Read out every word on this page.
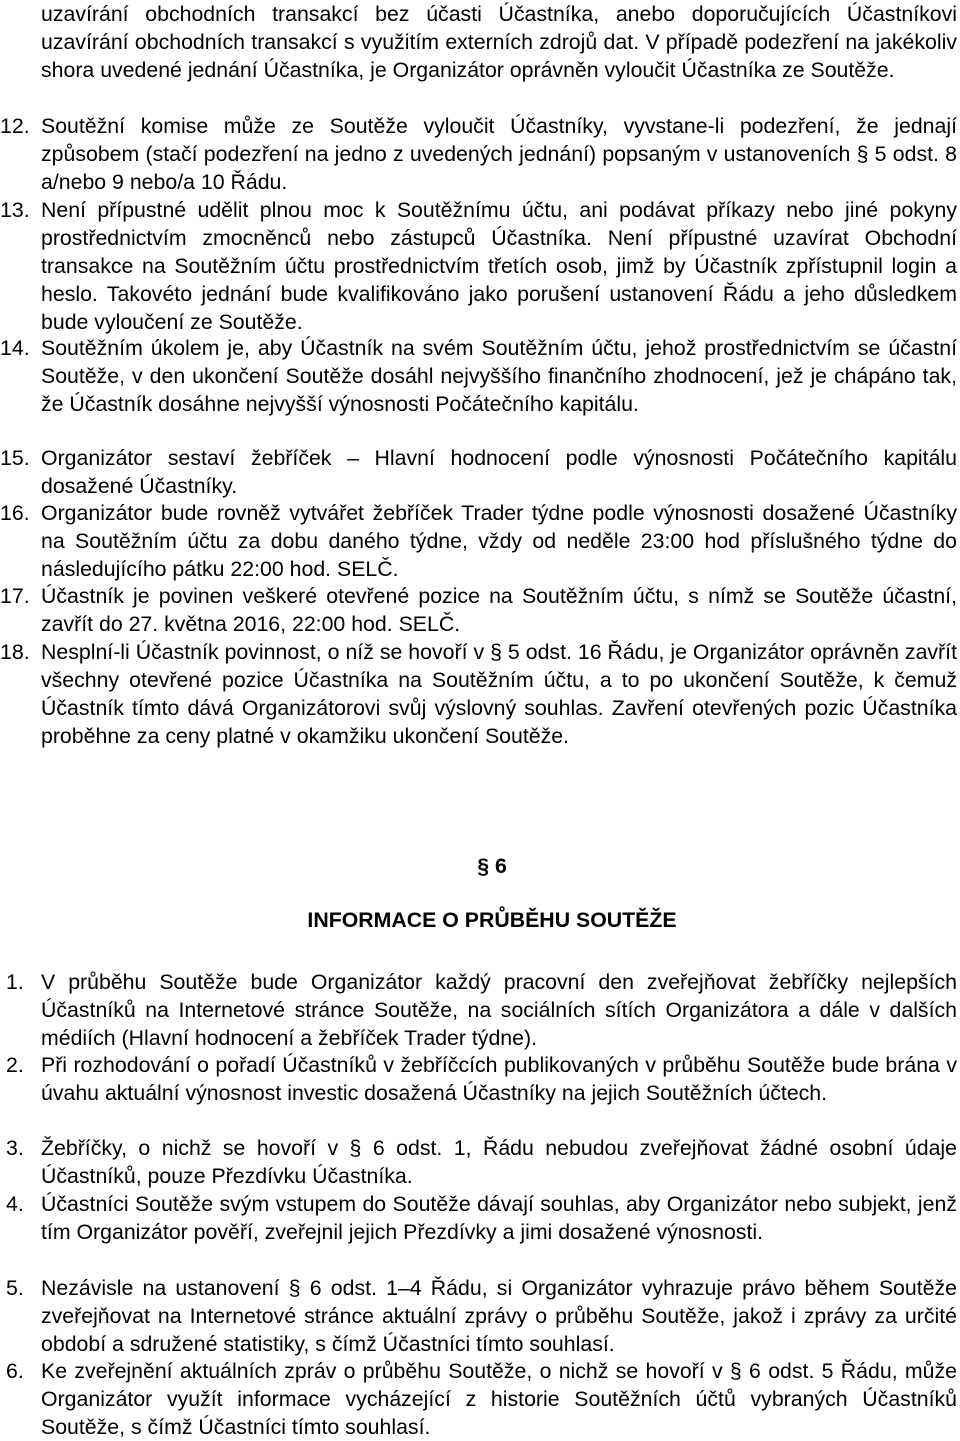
uzavírání obchodních transakcí bez účasti Účastníka, anebo doporučujících Účastníkovi uzavírání obchodních transakcí s využitím externích zdrojů dat. V případě podezření na jakékoliv shora uvedené jednání Účastníka, je Organizátor oprávněn vyloučit Účastníka ze Soutěže.

12. Soutěžní komise může ze Soutěže vyloučit Účastníky, vyvstane-li podezření, že jednají způsobem (stačí podezření na jedno z uvedených jednání) popsaným v ustanoveních § 5 odst. 8 a/nebo 9 nebo/a 10 Řádu.
13. Není přípustné udělit plnou moc k Soutěžnímu účtu, ani podávat příkazy nebo jiné pokyny prostřednictvím zmocněnců nebo zástupců Účastníka. Není přípustné uzavírat Obchodní transakce na Soutěžním účtu prostřednictvím třetích osob, jimž by Účastník zpřístupnil login a heslo. Takovéto jednání bude kvalifikováno jako porušení ustanovení Řádu a jeho důsledkem bude vyloučení ze Soutěže.
14. Soutěžním úkolem je, aby Účastník na svém Soutěžním účtu, jehož prostřednictvím se účastní Soutěže, v den ukončení Soutěže dosáhl nejvyššího finančního zhodnocení, jež je chápáno tak, že Účastník dosáhne nejvyšší výnosnosti Počátečního kapitálu.
15. Organizátor sestaví žebříček – Hlavní hodnocení podle výnosnosti Počátečního kapitálu dosažené Účastníky.
16. Organizátor bude rovněž vytvářet žebříček Trader týdne podle výnosnosti dosažené Účastníky na Soutěžním účtu za dobu daného týdne, vždy od neděle 23:00 hod příslušného týdne do následujícího pátku 22:00 hod. SELČ.
17. Účastník je povinen veškeré otevřené pozice na Soutěžním účtu, s nímž se Soutěže účastní, zavřít do 27. května 2016, 22:00 hod. SELČ.
18. Nesplní-li Účastník povinnost, o níž se hovoří v § 5 odst. 16 Řádu, je Organizátor oprávněn zavřít všechny otevřené pozice Účastníka na Soutěžním účtu, a to po ukončení Soutěže, k čemuž Účastník tímto dává Organizátorovi svůj výslovný souhlas. Zavření otevřených pozic Účastníka proběhne za ceny platné v okamžiku ukončení Soutěže.
§ 6
INFORMACE O PRŮBĚHU SOUTĚŽE
1. V průběhu Soutěže bude Organizátor každý pracovní den zveřejňovat žebříčky nejlepších Účastníků na Internetové stránce Soutěže, na sociálních sítích Organizátora a dále v dalších médiích (Hlavní hodnocení a žebříček Trader týdne).
2. Při rozhodování o pořadí Účastníků v žebříčcích publikovaných v průběhu Soutěže bude brána v úvahu aktuální výnosnost investic dosažená Účastníky na jejich Soutěžních účtech.
3. Žebříčky, o nichž se hovoří v § 6 odst. 1, Řádu nebudou zveřejňovat žádné osobní údaje Účastníků, pouze Přezdívku Účastníka.
4. Účastníci Soutěže svým vstupem do Soutěže dávají souhlas, aby Organizátor nebo subjekt, jenž tím Organizátor pověří, zveřejnil jejich Přezdívky a jimi dosažené výnosnosti.
5. Nezávisle na ustanovení § 6 odst. 1–4 Řádu, si Organizátor vyhrazuje právo během Soutěže zveřejňovat na Internetové stránce aktuální zprávy o průběhu Soutěže, jakož i zprávy za určité období a sdružené statistiky, s čímž Účastníci tímto souhlasí.
6. Ke zveřejnění aktuálních zpráv o průběhu Soutěže, o nichž se hovoří v § 6 odst. 5 Řádu, může Organizátor využít informace vycházející z historie Soutěžních účtů vybraných Účastníků Soutěže, s čímž Účastníci tímto souhlasí.
